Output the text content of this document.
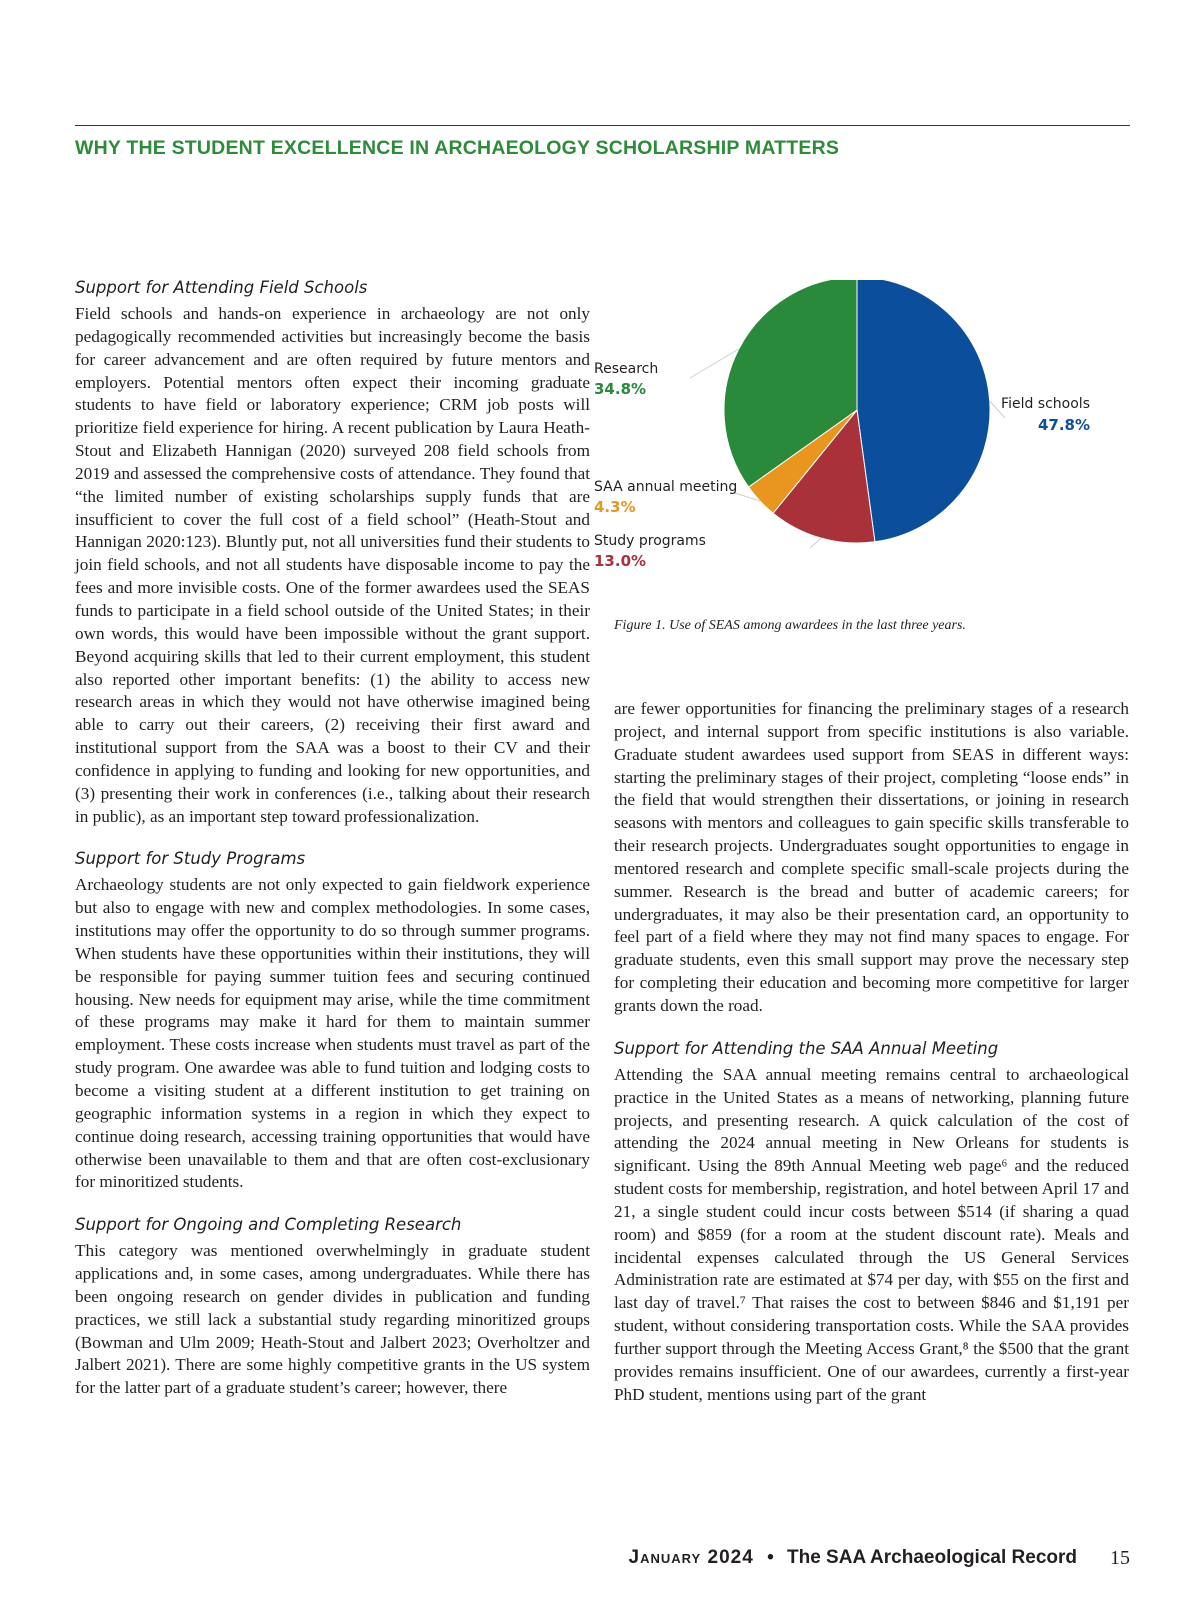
WHY THE STUDENT EXCELLENCE IN ARCHAEOLOGY SCHOLARSHIP MATTERS
Support for Attending Field Schools

Field schools and hands-on experience in archaeology are not only pedagogically recommended activities but increasingly become the basis for career advancement and are often required by future mentors and employers. Potential mentors often expect their incoming graduate students to have field or laboratory experience; CRM job posts will prioritize field experience for hiring. A recent publication by Laura Heath-Stout and Elizabeth Hannigan (2020) surveyed 208 field schools from 2019 and assessed the comprehensive costs of attendance. They found that “the limited number of existing scholarships supply funds that are insufficient to cover the full cost of a field school” (Heath-Stout and Hannigan 2020:123). Bluntly put, not all universities fund their students to join field schools, and not all students have disposable income to pay the fees and more invisible costs. One of the former awardees used the SEAS funds to participate in a field school outside of the United States; in their own words, this would have been impossible without the grant support. Beyond acquiring skills that led to their current employment, this student also reported other important benefits: (1) the ability to access new research areas in which they would not have otherwise imagined being able to carry out their careers, (2) receiving their first award and institutional support from the SAA was a boost to their CV and their confidence in applying to funding and looking for new opportunities, and (3) presenting their work in conferences (i.e., talking about their research in public), as an important step toward professionalization.

Support for Study Programs

Archaeology students are not only expected to gain fieldwork experience but also to engage with new and complex methodologies. In some cases, institutions may offer the opportunity to do so through summer programs. When students have these opportunities within their institutions, they will be responsible for paying summer tuition fees and securing continued housing. New needs for equipment may arise, while the time commitment of these programs may make it hard for them to maintain summer employment. These costs increase when students must travel as part of the study program. One awardee was able to fund tuition and lodging costs to become a visiting student at a different institution to get training on geographic information systems in a region in which they expect to continue doing research, accessing training opportunities that would have otherwise been unavailable to them and that are often cost-exclusionary for minoritized students.

Support for Ongoing and Completing Research

This category was mentioned overwhelmingly in graduate student applications and, in some cases, among undergraduates. While there has been ongoing research on gender divides in publication and funding practices, we still lack a substantial study regarding minoritized groups (Bowman and Ulm 2009; Heath-Stout and Jalbert 2023; Overholtzer and Jalbert 2021). There are some highly competitive grants in the US system for the latter part of a graduate student’s career; however, there

Research
34.8%
Field schools
47.8%
SAA annual meeting
4.3%
Study programs
13.0%

Figure 1. Use of SEAS among awardees in the last three years.

are fewer opportunities for financing the preliminary stages of a research project, and internal support from specific institutions is also variable. Graduate student awardees used support from SEAS in different ways: starting the preliminary stages of their project, completing “loose ends” in the field that would strengthen their dissertations, or joining in research seasons with mentors and colleagues to gain specific skills transferable to their research projects. Undergraduates sought opportunities to engage in mentored research and complete specific small-scale projects during the summer. Research is the bread and butter of academic careers; for undergraduates, it may also be their presentation card, an opportunity to feel part of a field where they may not find many spaces to engage. For graduate students, even this small support may prove the necessary step for completing their education and becoming more competitive for larger grants down the road.

Support for Attending the SAA Annual Meeting

Attending the SAA annual meeting remains central to archaeological practice in the United States as a means of networking, planning future projects, and presenting research. A quick calculation of the cost of attending the 2024 annual meeting in New Orleans for students is significant. Using the 89th Annual Meeting web page⁶ and the reduced student costs for membership, registration, and hotel between April 17 and 21, a single student could incur costs between $514 (if sharing a quad room) and $859 (for a room at the student discount rate). Meals and incidental expenses calculated through the US General Services Administration rate are estimated at $74 per day, with $55 on the first and last day of travel.⁷ That raises the cost to between $846 and $1,191 per student, without considering transportation costs. While the SAA provides further support through the Meeting Access Grant,⁸ the $500 that the grant provides remains insufficient. One of our awardees, currently a first-year PhD student, mentions using part of the grant

January 2024 • The SAA Archaeological Record 15
